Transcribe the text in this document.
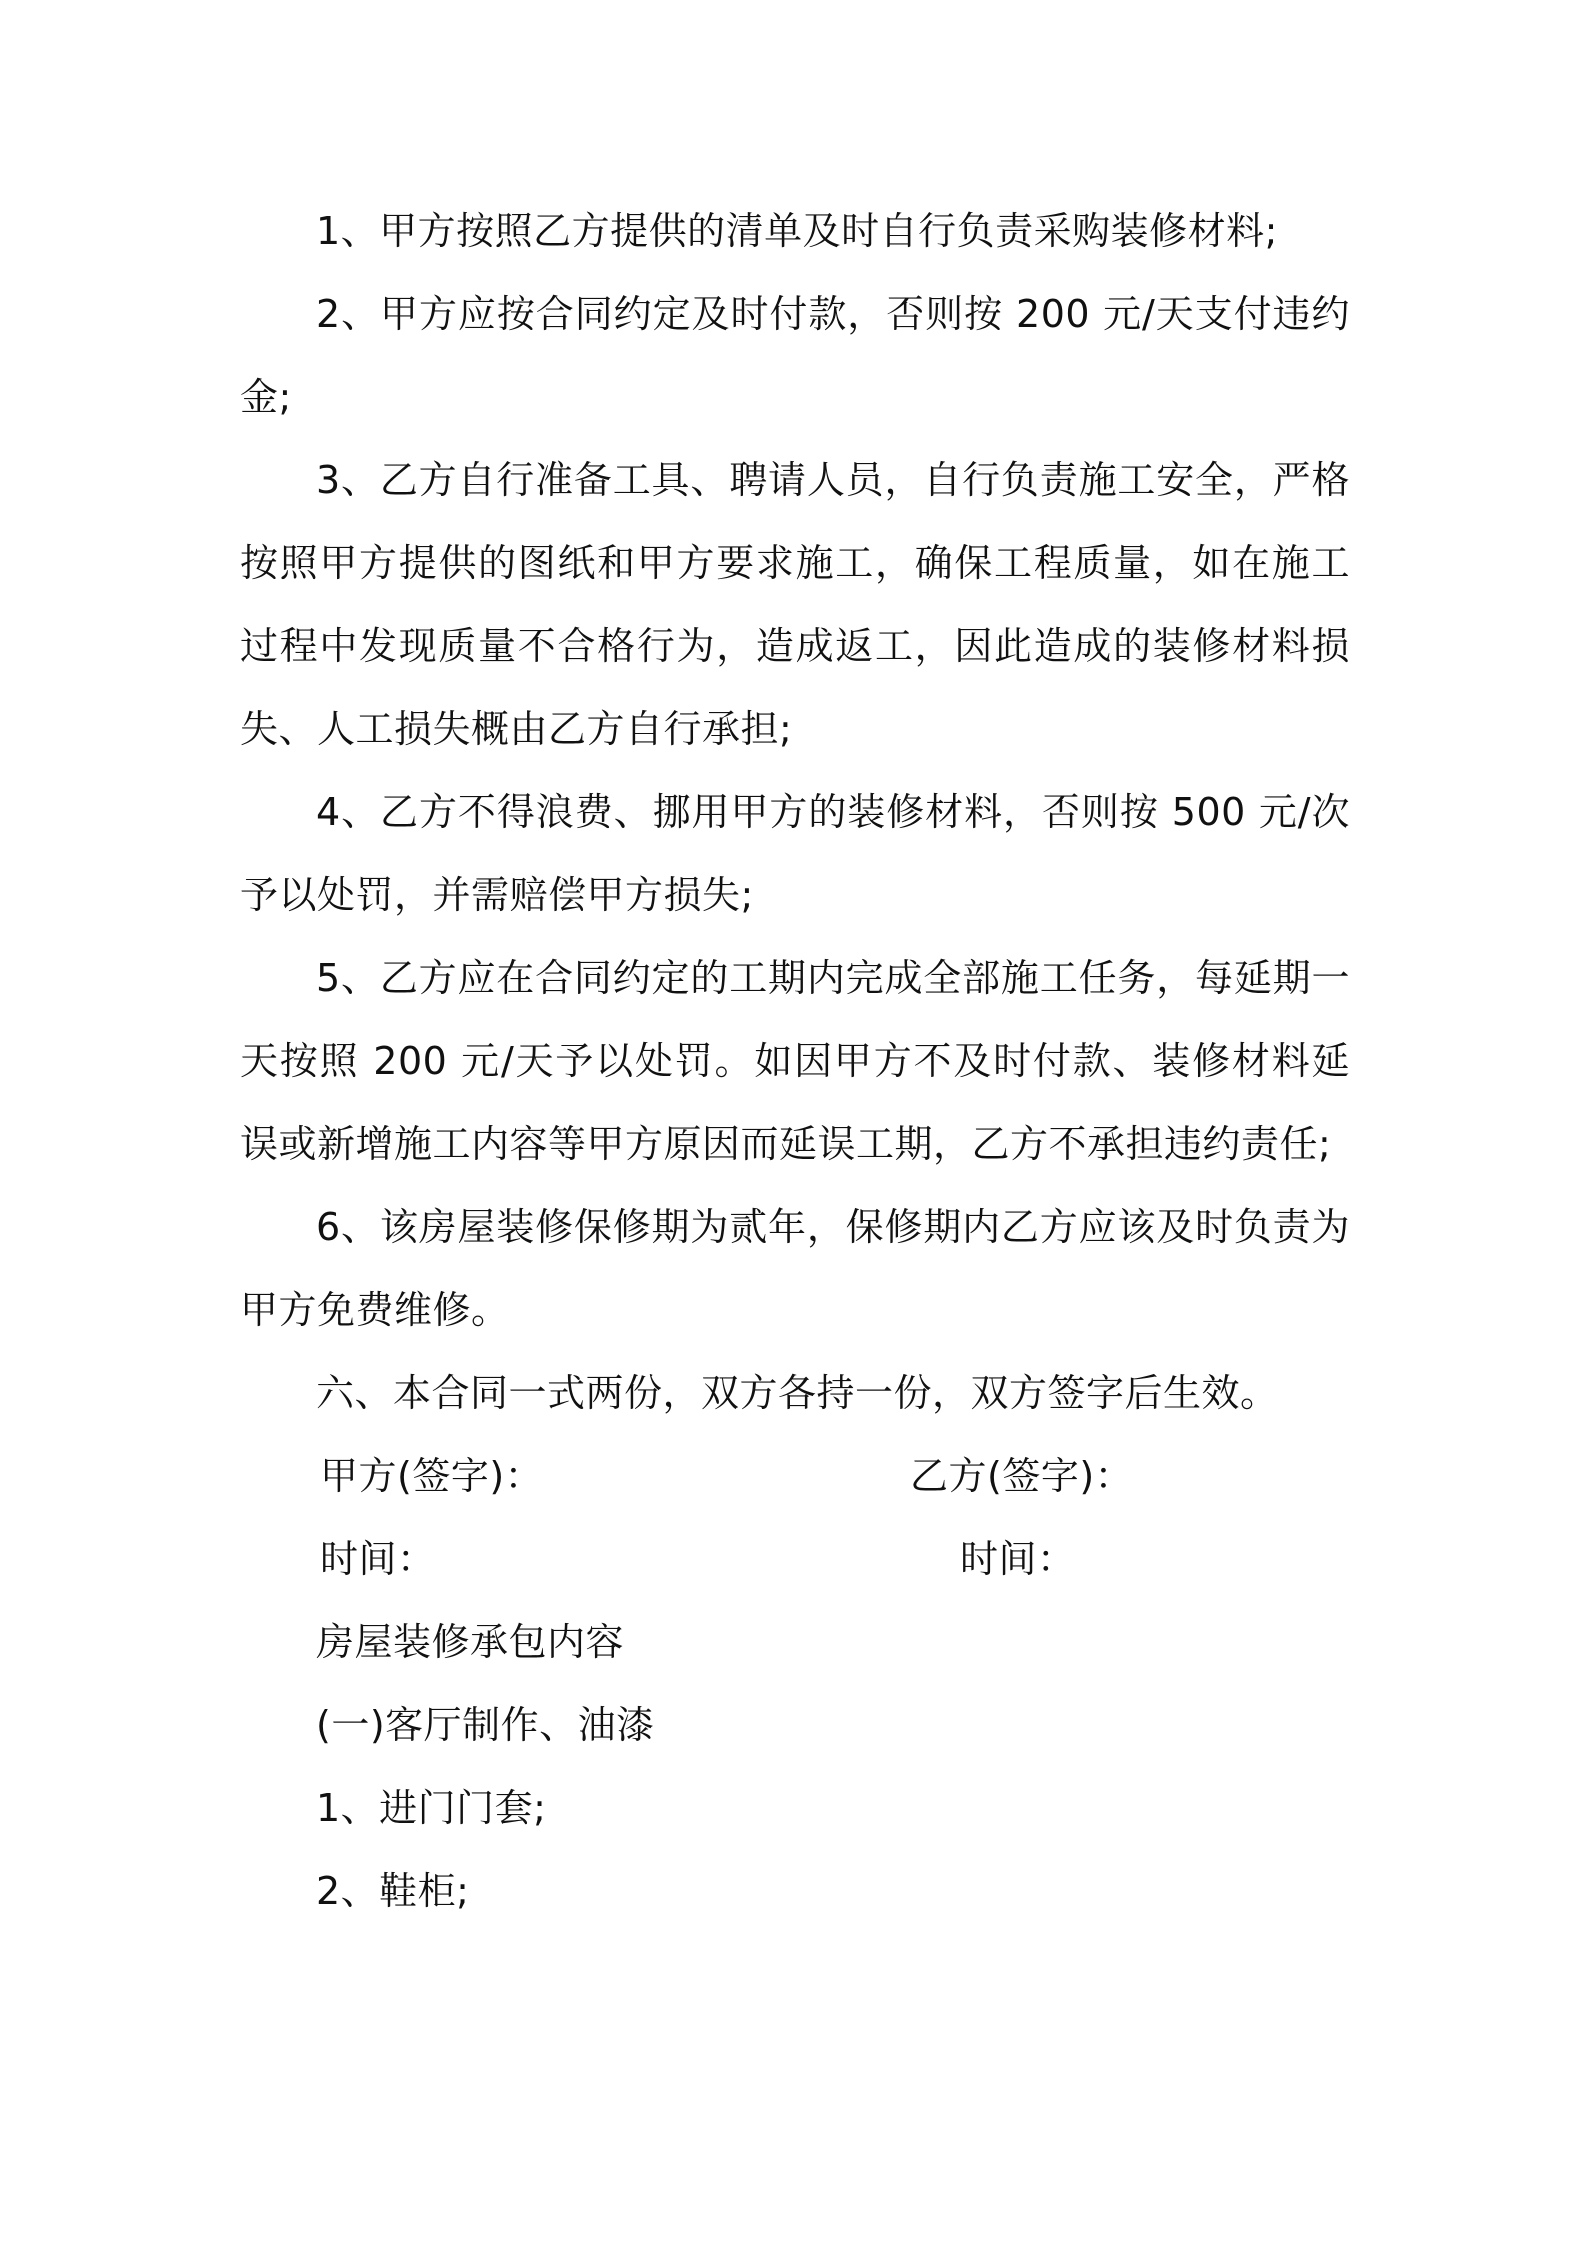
1、甲方按照乙方提供的清单及时自行负责采购装修材料;

2、甲方应按合同约定及时付款，否则按 200 元/天支付违约金;

3、乙方自行准备工具、聘请人员，自行负责施工安全，严格按照甲方提供的图纸和甲方要求施工，确保工程质量，如在施工过程中发现质量不合格行为，造成返工，因此造成的装修材料损失、人工损失概由乙方自行承担;

4、乙方不得浪费、挪用甲方的装修材料，否则按 500 元/次予以处罚，并需赔偿甲方损失;

5、乙方应在合同约定的工期内完成全部施工任务，每延期一天按照 200 元/天予以处罚。如因甲方不及时付款、装修材料延误或新增施工内容等甲方原因而延误工期，乙方不承担违约责任;

6、该房屋装修保修期为贰年，保修期内乙方应该及时负责为甲方免费维修。

六、本合同一式两份，双方各持一份，双方签字后生效。

甲方(签字)：	乙方(签字)：
时间：	时间：

房屋装修承包内容

(一)客厅制作、油漆

1、进门门套;

2、鞋柜;
